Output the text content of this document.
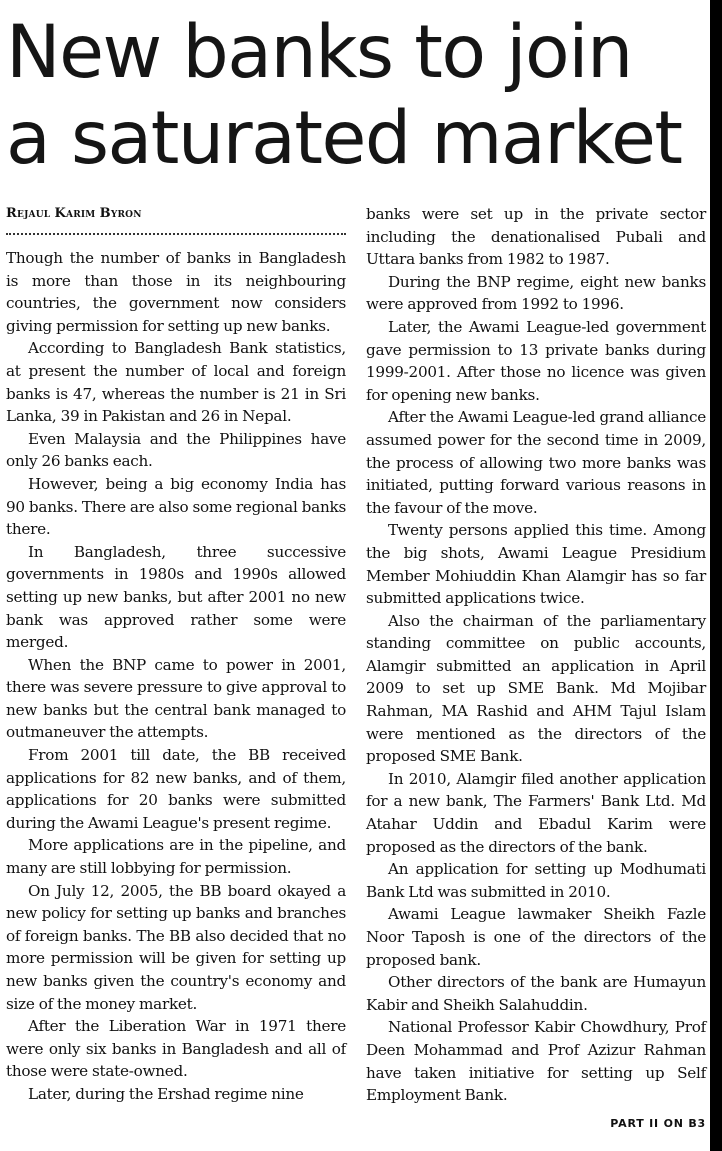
New banks to join
a saturated market

Rejaul Karim Byron

Though the number of banks in Bangladesh is more than those in its neighbouring countries, the government now considers giving permission for setting up new banks.

According to Bangladesh Bank statistics, at present the number of local and foreign banks is 47, whereas the number is 21 in Sri Lanka, 39 in Pakistan and 26 in Nepal.

Even Malaysia and the Philippines have only 26 banks each.

However, being a big economy India has 90 banks. There are also some regional banks there.

In Bangladesh, three successive governments in 1980s and 1990s allowed setting up new banks, but after 2001 no new bank was approved rather some were merged.

When the BNP came to power in 2001, there was severe pressure to give approval to new banks but the central bank managed to outmaneuver the attempts.

From 2001 till date, the BB received applications for 82 new banks, and of them, applications for 20 banks were submitted during the Awami League's present regime.

More applications are in the pipeline, and many are still lobbying for permission.

On July 12, 2005, the BB board okayed a new policy for setting up banks and branches of foreign banks. The BB also decided that no more permission will be given for setting up new banks given the country's economy and size of the money market.

After the Liberation War in 1971 there were only six banks in Bangladesh and all of those were state-owned.

Later, during the Ershad regime nine

banks were set up in the private sector including the denationalised Pubali and Uttara banks from 1982 to 1987.

During the BNP regime, eight new banks were approved from 1992 to 1996.

Later, the Awami League-led government gave permission to 13 private banks during 1999-2001. After those no licence was given for opening new banks.

After the Awami League-led grand alliance assumed power for the second time in 2009, the process of allowing two more banks was initiated, putting forward various reasons in the favour of the move.

Twenty persons applied this time. Among the big shots, Awami League Presidium Member Mohiuddin Khan Alamgir has so far submitted applications twice.

Also the chairman of the parliamentary standing committee on public accounts, Alamgir submitted an application in April 2009 to set up SME Bank. Md Mojibar Rahman, MA Rashid and AHM Tajul Islam were mentioned as the directors of the proposed SME Bank.

In 2010, Alamgir filed another application for a new bank, The Farmers' Bank Ltd. Md Atahar Uddin and Ebadul Karim were proposed as the directors of the bank.

An application for setting up Modhumati Bank Ltd was submitted in 2010.

Awami League lawmaker Sheikh Fazle Noor Taposh is one of the directors of the proposed bank.

Other directors of the bank are Humayun Kabir and Sheikh Salahuddin.

National Professor Kabir Chowdhury, Prof Deen Mohammad and Prof Azizur Rahman have taken initiative for setting up Self Employment Bank.

PART II ON B3
